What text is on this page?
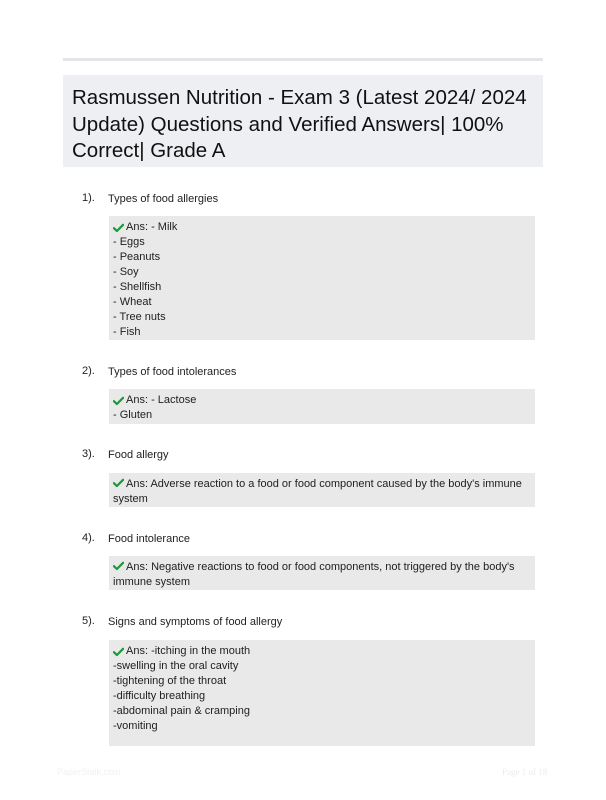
Rasmussen Nutrition - Exam 3 (Latest 2024/ 2024 Update) Questions and Verified Answers| 100% Correct| Grade A
1). Types of food allergies
Ans: - Milk
- Eggs
- Peanuts
- Soy
- Shellfish
- Wheat
- Tree nuts
- Fish
2). Types of food intolerances
Ans: - Lactose
- Gluten
3). Food allergy
Ans: Adverse reaction to a food or food component caused by the body's immune system
4). Food intolerance
Ans: Negative reactions to food or food components, not triggered by the body's immune system
5). Signs and symptoms of food allergy
Ans: -itching in the mouth
-swelling in the oral cavity
-tightening of the throat
-difficulty breathing
-abdominal pain & cramping
-vomiting
PaperStalk.com	Page 1 of 18
